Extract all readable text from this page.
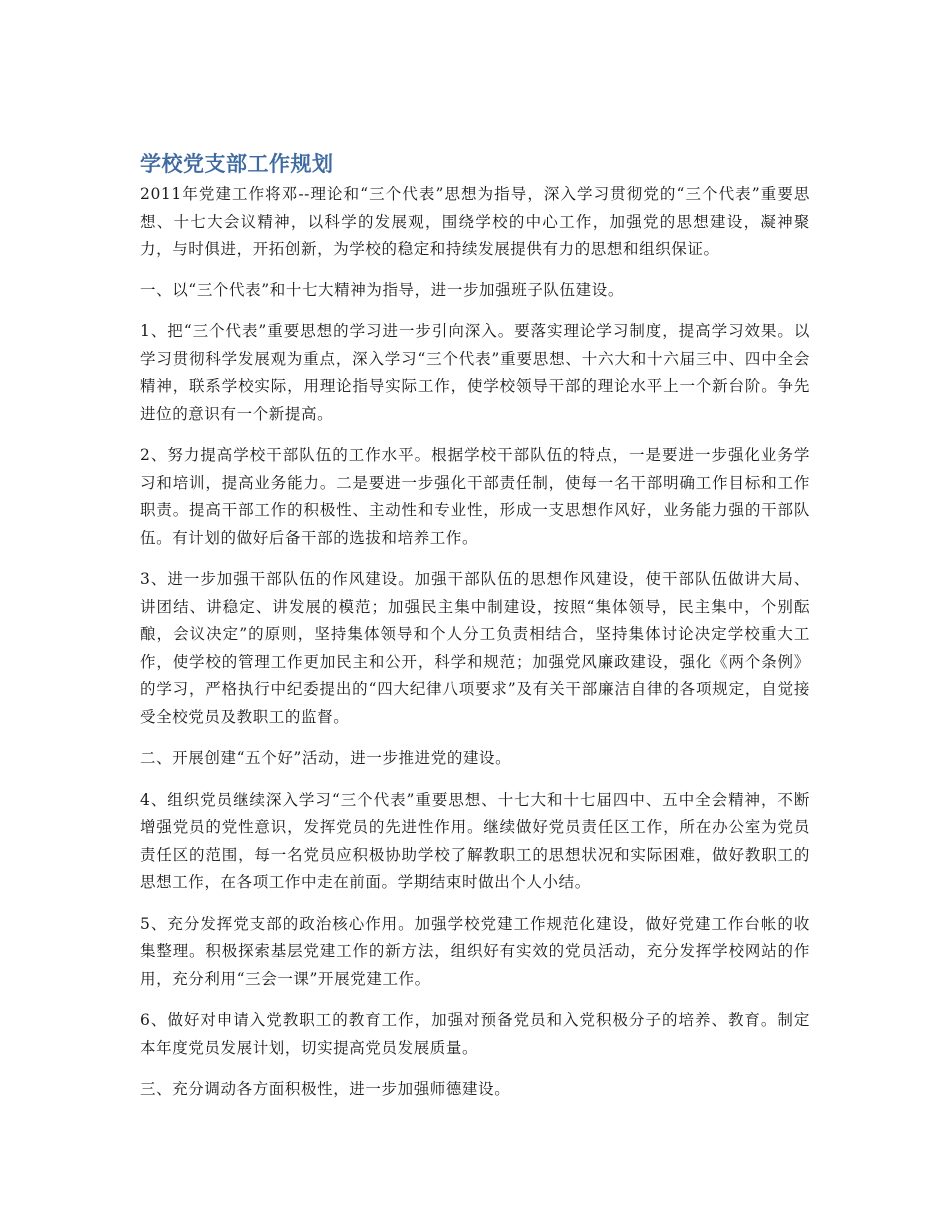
学校党支部工作规划

2011年党建工作将邓--理论和“三个代表”思想为指导，深入学习贯彻党的“三个代表”重要思想、十七大会议精神，以科学的发展观，围绕学校的中心工作，加强党的思想建设，凝神聚力，与时俱进，开拓创新，为学校的稳定和持续发展提供有力的思想和组织保证。

一、以“三个代表”和十七大精神为指导，进一步加强班子队伍建设。

1、把“三个代表”重要思想的学习进一步引向深入。要落实理论学习制度，提高学习效果。以学习贯彻科学发展观为重点，深入学习“三个代表”重要思想、十六大和十六届三中、四中全会精神，联系学校实际，用理论指导实际工作，使学校领导干部的理论水平上一个新台阶。争先进位的意识有一个新提高。

2、努力提高学校干部队伍的工作水平。根据学校干部队伍的特点，一是要进一步强化业务学习和培训，提高业务能力。二是要进一步强化干部责任制，使每一名干部明确工作目标和工作职责。提高干部工作的积极性、主动性和专业性，形成一支思想作风好，业务能力强的干部队伍。有计划的做好后备干部的选拔和培养工作。

3、进一步加强干部队伍的作风建设。加强干部队伍的思想作风建设，使干部队伍做讲大局、讲团结、讲稳定、讲发展的模范；加强民主集中制建设，按照“集体领导，民主集中，个别酝酿，会议决定”的原则，坚持集体领导和个人分工负责相结合，坚持集体讨论决定学校重大工作，使学校的管理工作更加民主和公开，科学和规范；加强党风廉政建设，强化《两个条例》的学习，严格执行中纪委提出的“四大纪律八项要求”及有关干部廉洁自律的各项规定，自觉接受全校党员及教职工的监督。

二、开展创建“五个好”活动，进一步推进党的建设。

4、组织党员继续深入学习“三个代表”重要思想、十七大和十七届四中、五中全会精神，不断增强党员的党性意识，发挥党员的先进性作用。继续做好党员责任区工作，所在办公室为党员责任区的范围，每一名党员应积极协助学校了解教职工的思想状况和实际困难，做好教职工的思想工作，在各项工作中走在前面。学期结束时做出个人小结。

5、充分发挥党支部的政治核心作用。加强学校党建工作规范化建设，做好党建工作台帐的收集整理。积极探索基层党建工作的新方法，组织好有实效的党员活动，充分发挥学校网站的作用，充分利用“三会一课”开展党建工作。

6、做好对申请入党教职工的教育工作，加强对预备党员和入党积极分子的培养、教育。制定本年度党员发展计划，切实提高党员发展质量。

三、充分调动各方面积极性，进一步加强师德建设。
